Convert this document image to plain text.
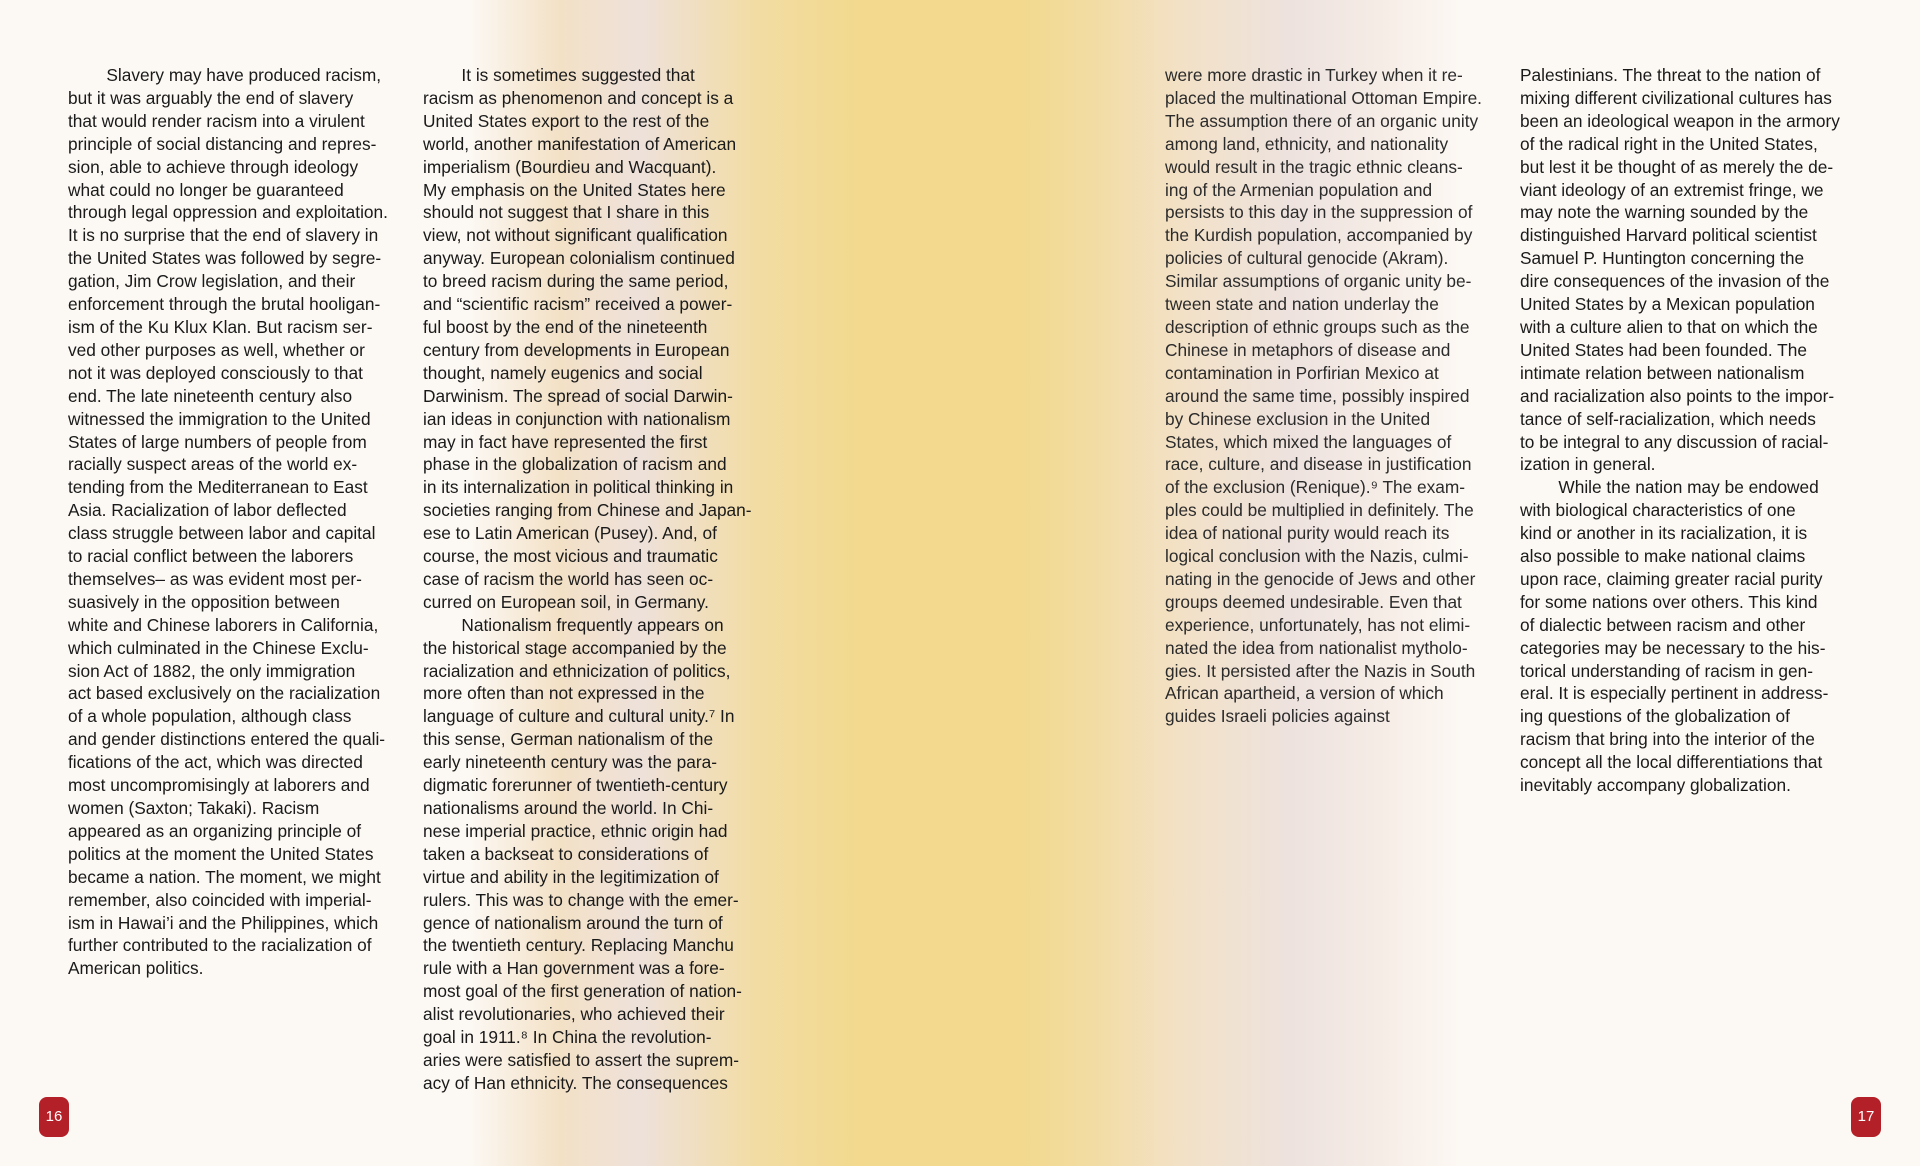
Slavery may have produced racism,
but it was arguably the end of slavery
that would render racism into a virulent
principle of social distancing and repres-
sion, able to achieve through ideology
what could no longer be guaranteed
through legal oppression and exploitation.
It is no surprise that the end of slavery in
the United States was followed by segre-
gation, Jim Crow legislation, and their
enforcement through the brutal hooligan-
ism of the Ku Klux Klan. But racism ser-
ved other purposes as well, whether or
not it was deployed consciously to that
end. The late nineteenth century also
witnessed the immigration to the United
States of large numbers of people from
racially suspect areas of the world ex-
tending from the Mediterranean to East
Asia. Racialization of labor deflected
class struggle between labor and capital
to racial conflict between the laborers
themselves– as was evident most per-
suasively in the opposition between
white and Chinese laborers in California,
which culminated in the Chinese Exclu-
sion Act of 1882, the only immigration
act based exclusively on the racialization
of a whole population, although class
and gender distinctions entered the quali-
fications of the act, which was directed
most uncompromisingly at laborers and
women (Saxton; Takaki). Racism
appeared as an organizing principle of
politics at the moment the United States
became a nation. The moment, we might
remember, also coincided with imperial-
ism in Hawai’i and the Philippines, which
further contributed to the racialization of
American politics.
It is sometimes suggested that
racism as phenomenon and concept is a
United States export to the rest of the
world, another manifestation of American
imperialism (Bourdieu and Wacquant).
My emphasis on the United States here
should not suggest that I share in this
view, not without significant qualification
anyway. European colonialism continued
to breed racism during the same period,
and “scientific racism” received a power-
ful boost by the end of the nineteenth
century from developments in European
thought, namely eugenics and social
Darwinism. The spread of social Darwin-
ian ideas in conjunction with nationalism
may in fact have represented the first
phase in the globalization of racism and
in its internalization in political thinking in
societies ranging from Chinese and Japan-
ese to Latin American (Pusey). And, of
course, the most vicious and traumatic
case of racism the world has seen oc-
curred on European soil, in Germany.
Nationalism frequently appears on
the historical stage accompanied by the
racialization and ethnicization of politics,
more often than not expressed in the
language of culture and cultural unity.⁷ In
this sense, German nationalism of the
early nineteenth century was the para-
digmatic forerunner of twentieth-century
nationalisms around the world. In Chi-
nese imperial practice, ethnic origin had
taken a backseat to considerations of
virtue and ability in the legitimization of
rulers. This was to change with the emer-
gence of nationalism around the turn of
the twentieth century. Replacing Manchu
rule with a Han government was a fore-
most goal of the first generation of nation-
alist revolutionaries, who achieved their
goal in 1911.⁸ In China the revolution-
aries were satisfied to assert the suprem-
acy of Han ethnicity. The consequences
were more drastic in Turkey when it re-
placed the multinational Ottoman Empire.
The assumption there of an organic unity
among land, ethnicity, and nationality
would result in the tragic ethnic cleans-
ing of the Armenian population and
persists to this day in the suppression of
the Kurdish population, accompanied by
policies of cultural genocide (Akram).
Similar assumptions of organic unity be-
tween state and nation underlay the
description of ethnic groups such as the
Chinese in metaphors of disease and
contamination in Porfirian Mexico at
around the same time, possibly inspired
by Chinese exclusion in the United
States, which mixed the languages of
race, culture, and disease in justification
of the exclusion (Renique).⁹ The exam-
ples could be multiplied in definitely. The
idea of national purity would reach its
logical conclusion with the Nazis, culmi-
nating in the genocide of Jews and other
groups deemed undesirable. Even that
experience, unfortunately, has not elimi-
nated the idea from nationalist mytholo-
gies. It persisted after the Nazis in South
African apartheid, a version of which
guides Israeli policies against
Palestinians. The threat to the nation of
mixing different civilizational cultures has
been an ideological weapon in the armory
of the radical right in the United States,
but lest it be thought of as merely the de-
viant ideology of an extremist fringe, we
may note the warning sounded by the
distinguished Harvard political scientist
Samuel P. Huntington concerning the
dire consequences of the invasion of the
United States by a Mexican population
with a culture alien to that on which the
United States had been founded. The
intimate relation between nationalism
and racialization also points to the impor-
tance of self-racialization, which needs
to be integral to any discussion of racial-
ization in general.
While the nation may be endowed
with biological characteristics of one
kind or another in its racialization, it is
also possible to make national claims
upon race, claiming greater racial purity
for some nations over others. This kind
of dialectic between racism and other
categories may be necessary to the his-
torical understanding of racism in gen-
eral. It is especially pertinent in address-
ing questions of the globalization of
racism that bring into the interior of the
concept all the local differentiations that
inevitably accompany globalization.
16	17
